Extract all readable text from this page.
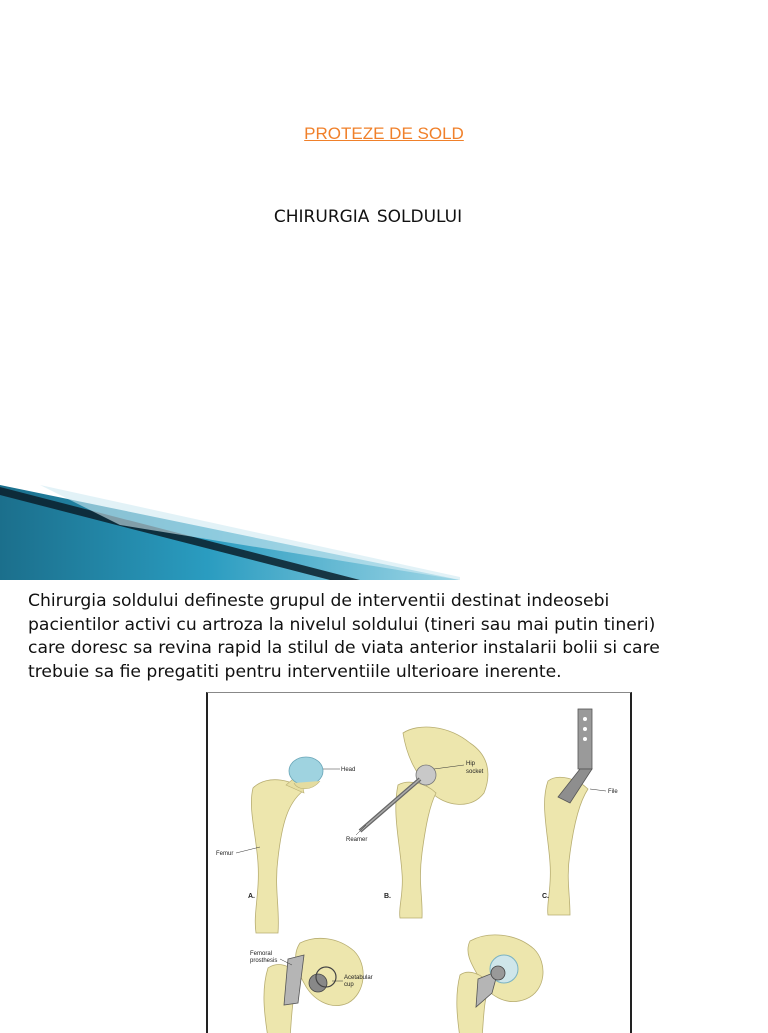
PROTEZE DE SOLD
CHIRURGIA SOLDULUI
Chirurgia soldului defineste grupul de interventii destinat indeosebi
pacientilor activi cu artroza la nivelul soldului (tineri sau mai putin tineri)
care doresc sa revina rapid la stilul de viata anterior instalarii bolii si care
trebuie sa fie pregatiti pentru interventiile ulterioare inerente.
Head
Femur
A.
Hip
socket
Reamer
B.
File
C.
Femoral
prosthesis
Acetabular
cup
